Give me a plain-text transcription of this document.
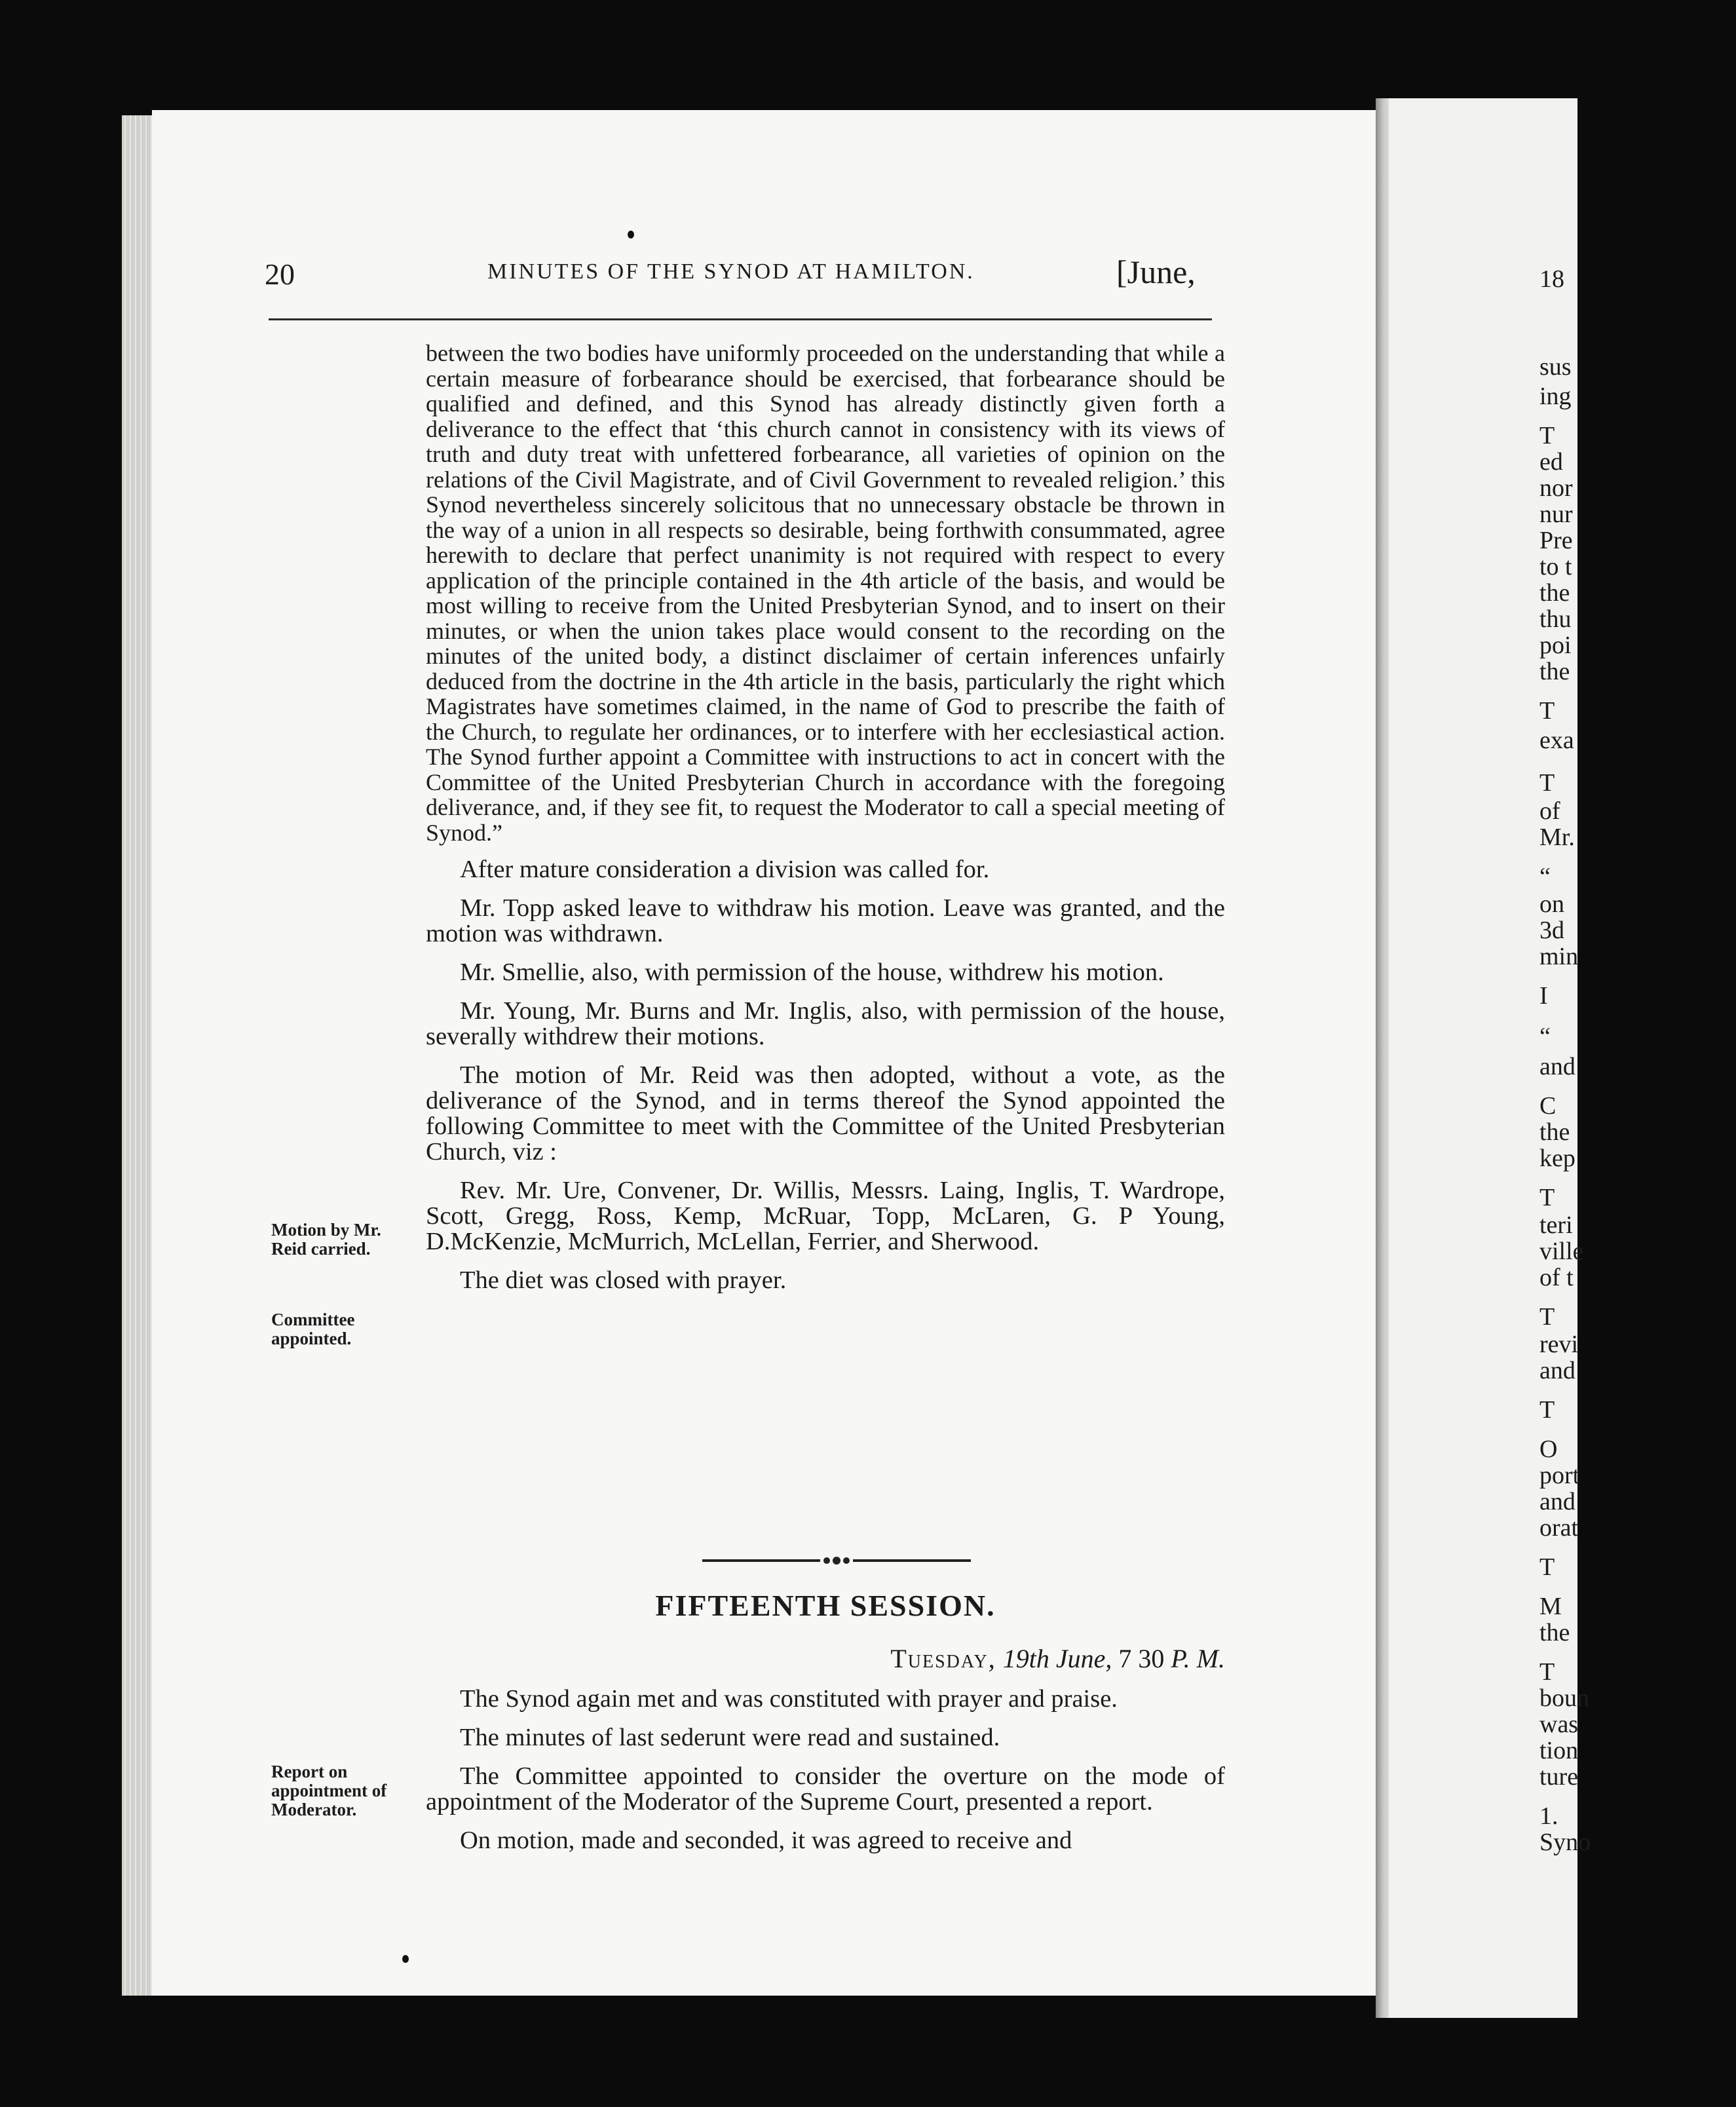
20	MINUTES OF THE SYNOD AT HAMILTON.	[June,

between the two bodies have uniformly proceeded on the understanding that while a certain measure of forbearance should be exercised, that forbearance should be qualified and defined, and this Synod has already distinctly given forth a deliverance to the effect that ‘this church cannot in consistency with its views of truth and duty treat with unfettered forbearance, all varieties of opinion on the relations of the Civil Magistrate, and of Civil Government to revealed religion.’ this Synod nevertheless sincerely solicitous that no unnecessary obstacle be thrown in the way of a union in all respects so desirable, being forthwith consummated, agree herewith to declare that perfect unanimity is not required with respect to every application of the principle contained in the 4th article of the basis, and would be most willing to receive from the United Presbyterian Synod, and to insert on their minutes, or when the union takes place would consent to the recording on the minutes of the united body, a distinct disclaimer of certain inferences unfairly deduced from the doctrine in the 4th article in the basis, particularly the right which Magistrates have sometimes claimed, in the name of God to prescribe the faith of the Church, to regulate her ordinances, or to interfere with her ecclesiastical action. The Synod further appoint a Committee with instructions to act in concert with the Committee of the United Presbyterian Church in accordance with the foregoing deliverance, and, if they see fit, to request the Moderator to call a special meeting of Synod.”

After mature consideration a division was called for.

Mr. Topp asked leave to withdraw his motion. Leave was granted, and the motion was withdrawn.

Mr. Smellie, also, with permission of the house, withdrew his motion.

Mr. Young, Mr. Burns and Mr. Inglis, also, with permission of the house, severally withdrew their motions.

The motion of Mr. Reid was then adopted, without a vote, as the deliverance of the Synod, and in terms thereof the Synod appointed the following Committee to meet with the Committee of the United Presbyterian Church, viz :

Rev. Mr. Ure, Convener, Dr. Willis, Messrs. Laing, Inglis, T. Wardrope, Scott, Gregg, Ross, Kemp, McRuar, Topp, McLaren, G. P Young, D.McKenzie, McMurrich, McLellan, Ferrier, and Sherwood.

The diet was closed with prayer.

Motion by Mr. Reid carried.
Committee appointed.
Report on appointment of Moderator.
FIFTEENTH SESSION.
Tuesday, 19th June, 7 30 P. M.

The Synod again met and was constituted with prayer and praise.

The minutes of last sederunt were read and sustained.

The Committee appointed to consider the overture on the mode of appointment of the Moderator of the Supreme Court, presented a report.

On motion, made and seconded, it was agreed to receive and

18
sus
ing
T
ed
nor
nur
Pre
to t
the
thu
poi
the
T
exa
T
of
Mr.
“
on
3d
min
I
“
and
C
the
kep
T
teri
ville
of t
T
revi
and
T
O
port
and
orat
T
M
the
T
boun
was
tion
ture
1.
Syno
